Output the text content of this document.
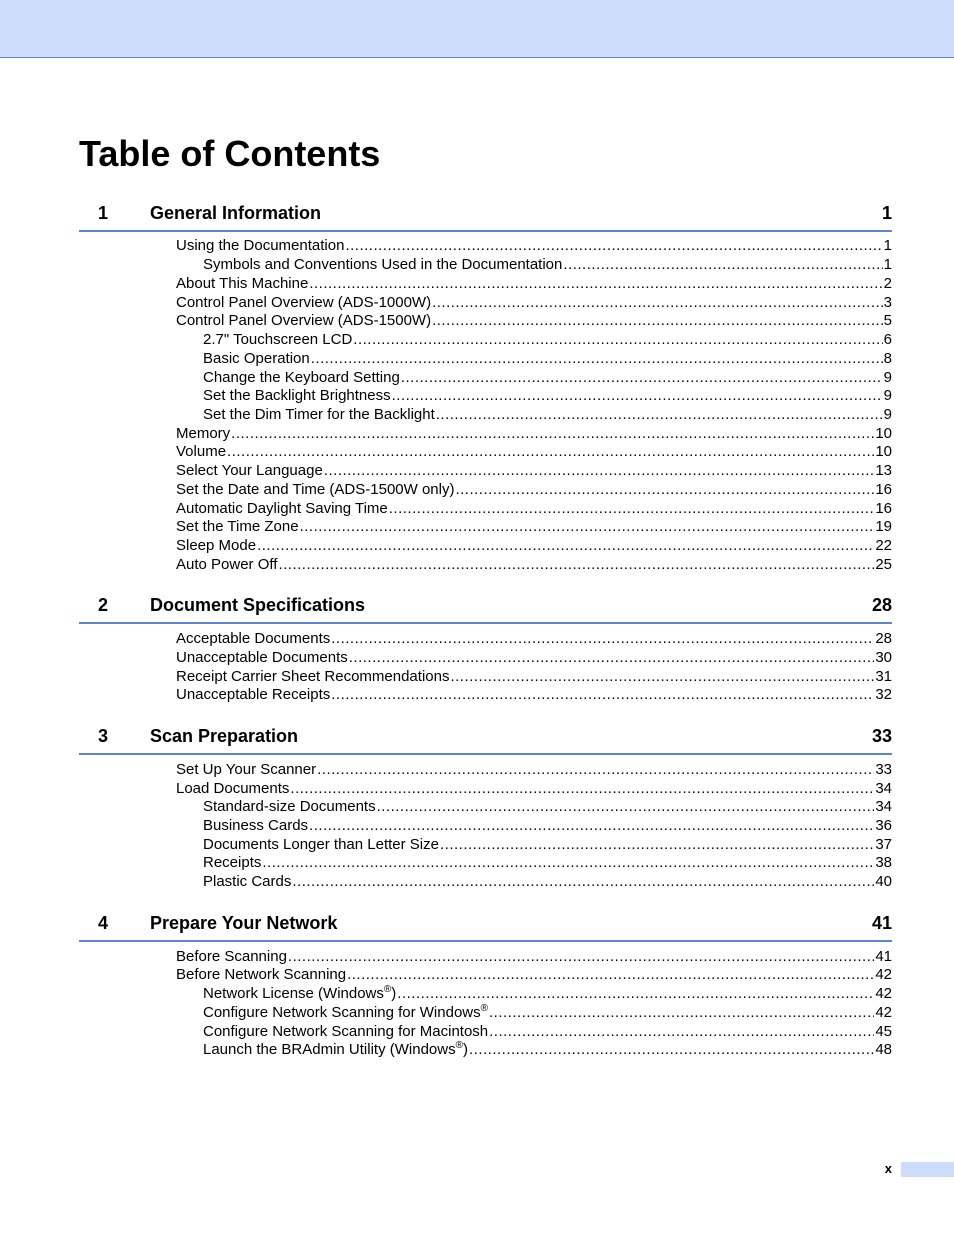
Table of Contents
1 General Information	1
Using the Documentation .....	1
Symbols and Conventions Used in the Documentation .....	1
About This Machine .....	2
Control Panel Overview (ADS-1000W) .....	3
Control Panel Overview (ADS-1500W) .....	5
2.7" Touchscreen LCD .....	6
Basic Operation .....	8
Change the Keyboard Setting .....	9
Set the Backlight Brightness .....	9
Set the Dim Timer for the Backlight .....	9
Memory .....	10
Volume .....	10
Select Your Language .....	13
Set the Date and Time (ADS-1500W only) .....	16
Automatic Daylight Saving Time .....	16
Set the Time Zone .....	19
Sleep Mode .....	22
Auto Power Off .....	25
2 Document Specifications	28
Acceptable Documents .....	28
Unacceptable Documents .....	30
Receipt Carrier Sheet Recommendations .....	31
Unacceptable Receipts .....	32
3 Scan Preparation	33
Set Up Your Scanner .....	33
Load Documents .....	34
Standard-size Documents .....	34
Business Cards .....	36
Documents Longer than Letter Size .....	37
Receipts .....	38
Plastic Cards .....	40
4 Prepare Your Network	41
Before Scanning .....	41
Before Network Scanning .....	42
Network License (Windows®) .....	42
Configure Network Scanning for Windows® .....	42
Configure Network Scanning for Macintosh .....	45
Launch the BRAdmin Utility (Windows®) .....	48
x
